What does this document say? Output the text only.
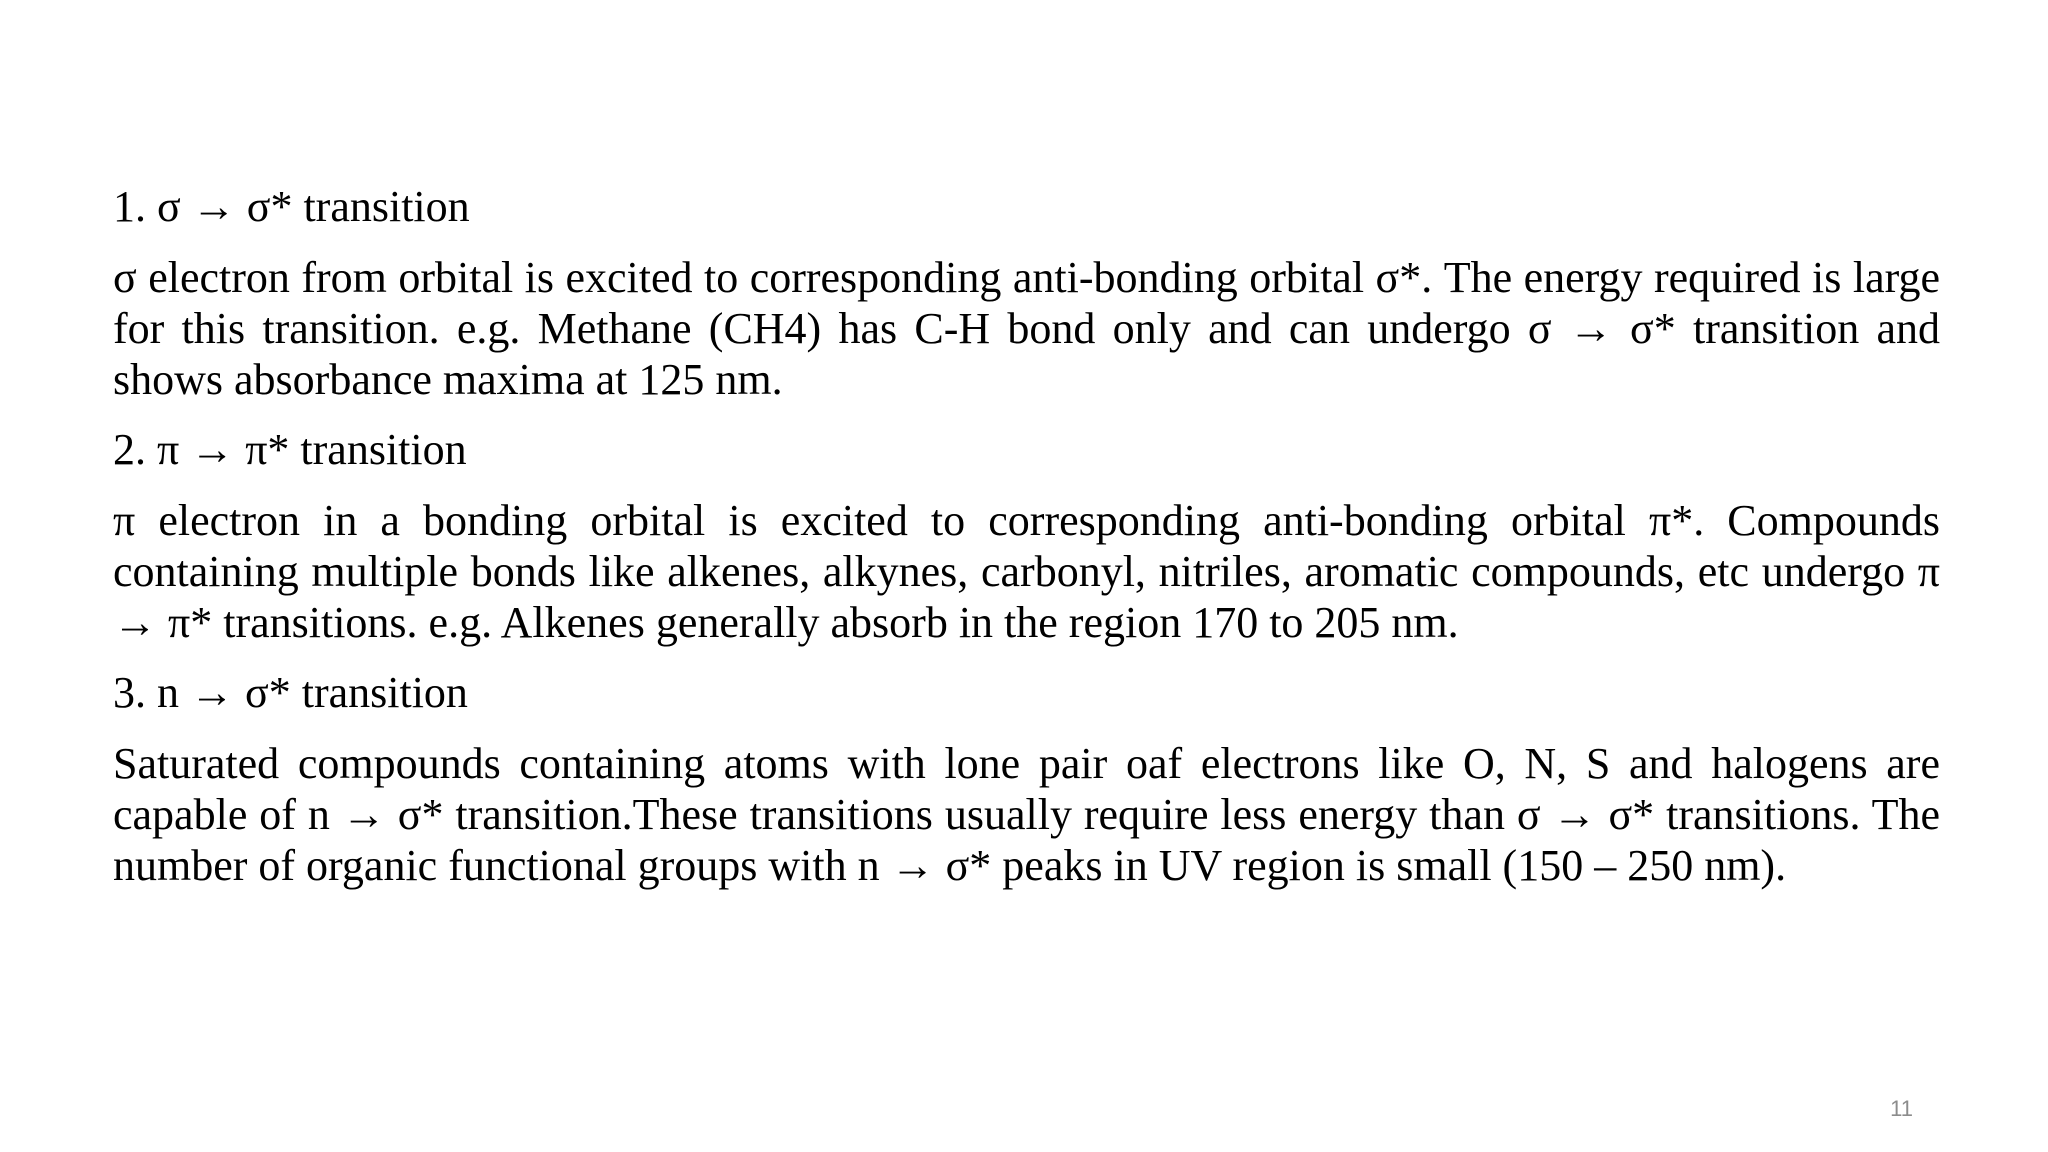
1. σ → σ* transition

σ electron from orbital is excited to corresponding anti-bonding orbital σ*. The energy required is large for this transition. e.g. Methane (CH4) has C-H bond only and can undergo σ → σ* transition and shows absorbance maxima at 125 nm.

2. π → π* transition

π electron in a bonding orbital is excited to corresponding anti-bonding orbital π*. Compounds containing multiple bonds like alkenes, alkynes, carbonyl, nitriles, aromatic compounds, etc undergo π → π* transitions. e.g. Alkenes generally absorb in the region 170 to 205 nm.

3. n → σ* transition

Saturated compounds containing atoms with lone pair oaf electrons like O, N, S and halogens are capable of n → σ* transition.These transitions usually require less energy than σ → σ* transitions. The number of organic functional groups with n → σ* peaks in UV region is small (150 – 250 nm).

11
